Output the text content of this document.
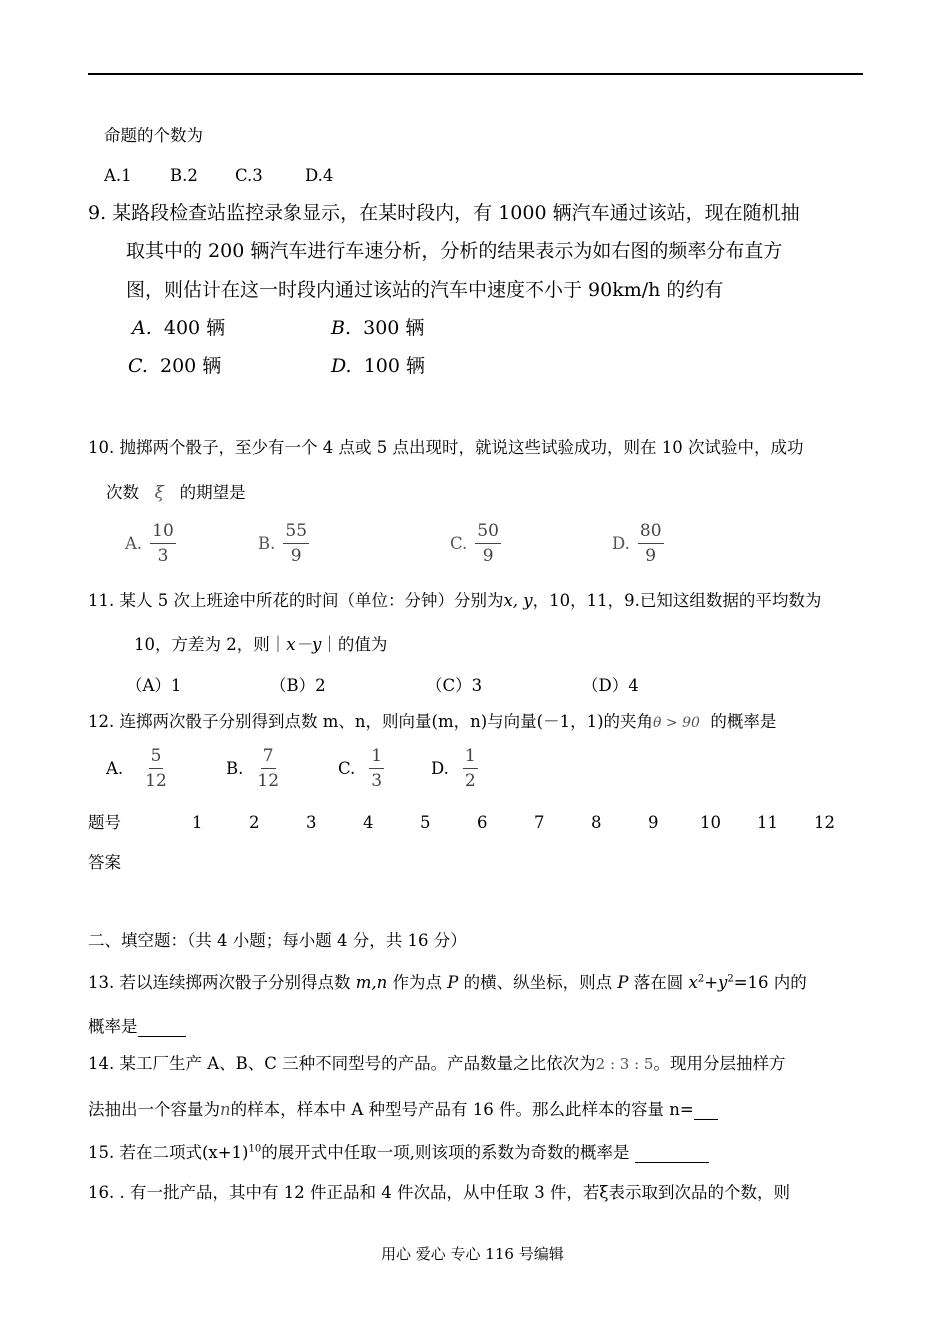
命题的个数为
A.1 B.2 C.3	D.4
9. 某路段检查站监控录象显示，在某时段内，有 1000 辆汽车通过该站，现在随机抽
取其中的 200 辆汽车进行车速分析，分析的结果表示为如右图的频率分布直方
图，则估计在这一时段内通过该站的汽车中速度不小于 90km/h 的约有
A. 400 辆	B. 300 辆
C. 200 辆	D. 100 辆
10. 抛掷两个骰子，至少有一个 4 点或 5 点出现时，就说这些试验成功，则在 10 次试验中，成功
次数 ξ 的期望是
A. $\frac{10}{3}$	B. $\frac{55}{9}$	C. $\frac{50}{9}$	D. $\frac{80}{9}$
11. 某人 5 次上班途中所花的时间（单位：分钟）分别为x, y，10，11，9.已知这组数据的平均数为
10，方差为 2，则｜x－y｜的值为
（A）1	（B）2	（C）3	（D）4
12. 连掷两次骰子分别得到点数 m、n，则向量(m，n)与向量(－1，1)的夹角θ > 90 的概率是
A. $\frac{5}{12}$	B. $\frac{7}{12}$	C. $\frac{1}{3}$	D. $\frac{1}{2}$
题号	1	2	3	4	5	6	7	8	9	10 11 12
答案
二、填空题：（共 4 小题；每小题 4 分，共 16 分）
13. 若以连续掷两次骰子分别得点数 m,n 作为点 P 的横、纵坐标，则点 P 落在圆 $x^2+y^2=16$ 内的
概率是
14. 某工厂生产 A、B、C 三种不同型号的产品。产品数量之比依次为2 : 3 : 5。现用分层抽样方
法抽出一个容量为n的样本，样本中 A 种型号产品有 16 件。那么此样本的容量 n=
15. 若在二项式$(x+1)^{10}$的展开式中任取一项,则该项的系数为奇数的概率是
16. . 有一批产品，其中有 12 件正品和 4 件次品，从中任取 3 件，若ξ表示取到次品的个数，则
用心 爱心 专心 116 号编辑
